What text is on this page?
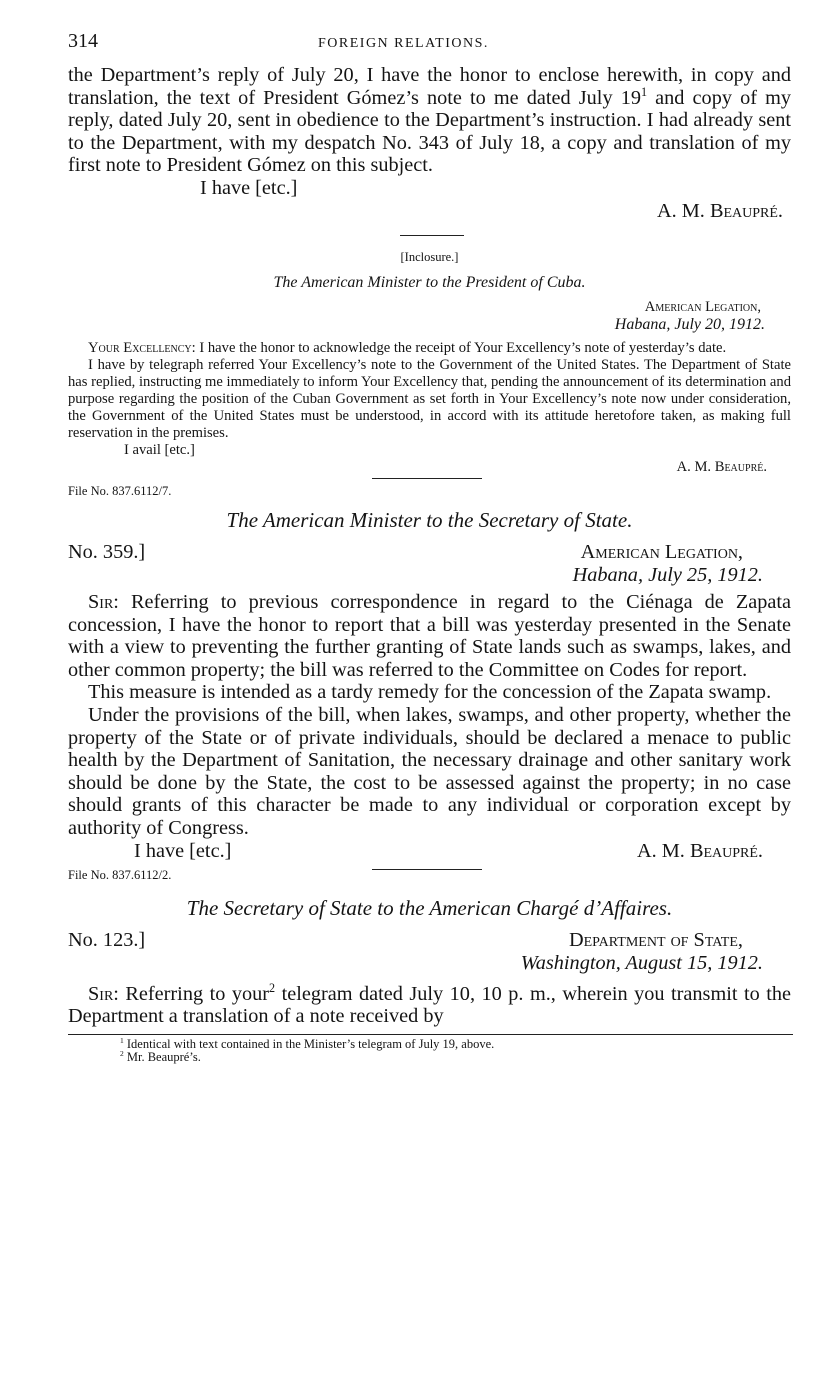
314	FOREIGN RELATIONS.

the Department’s reply of July 20, I have the honor to enclose herewith, in copy and translation, the text of President Gómez’s note to me dated July $19^1$ and copy of my reply, dated July 20, sent in obedience to the Department’s instruction. I had already sent to the Department, with my despatch No. 343 of July 18, a copy and translation of my first note to President Gómez on this subject.

I have [etc.]
A. M. Beaupré.
[Inclosure.]
The American Minister to the President of Cuba.
American Legation,
Habana, July 20, 1912.

Your Excellency: I have the honor to acknowledge the receipt of Your Excellency’s note of yesterday’s date.

I have by telegraph referred Your Excellency’s note to the Government of the United States. The Department of State has replied, instructing me immediately to inform Your Excellency that, pending the announcement of its determination and purpose regarding the position of the Cuban Government as set forth in Your Excellency’s note now under consideration, the Government of the United States must be understood, in accord with its attitude heretofore taken, as making full reservation in the premises.

I avail [etc.]
A. M. Beaupré.
File No. 837.6112/7.
The American Minister to the Secretary of State.
No. 359.]	American Legation,
Habana, July 25, 1912.

Sir: Referring to previous correspondence in regard to the Ciénaga de Zapata concession, I have the honor to report that a bill was yesterday presented in the Senate with a view to preventing the further granting of State lands such as swamps, lakes, and other common property; the bill was referred to the Committee on Codes for report.

This measure is intended as a tardy remedy for the concession of the Zapata swamp.

Under the provisions of the bill, when lakes, swamps, and other property, whether the property of the State or of private individuals, should be declared a menace to public health by the Department of Sanitation, the necessary drainage and other sanitary work should be done by the State, the cost to be assessed against the property; in no case should grants of this character be made to any individual or corporation except by authority of Congress.

I have [etc.]	A. M. Beaupré.
File No. 837.6112/2.
The Secretary of State to the American Chargé d’Affaires.
No. 123.]	Department of State,
Washington, August 15, 1912.

Sir: Referring to your$^2$ telegram dated July 10, 10 p. m., wherein you transmit to the Department a translation of a note received by

$^1$ Identical with text contained in the Minister’s telegram of July 19, above.
$^2$ Mr. Beaupré’s.
